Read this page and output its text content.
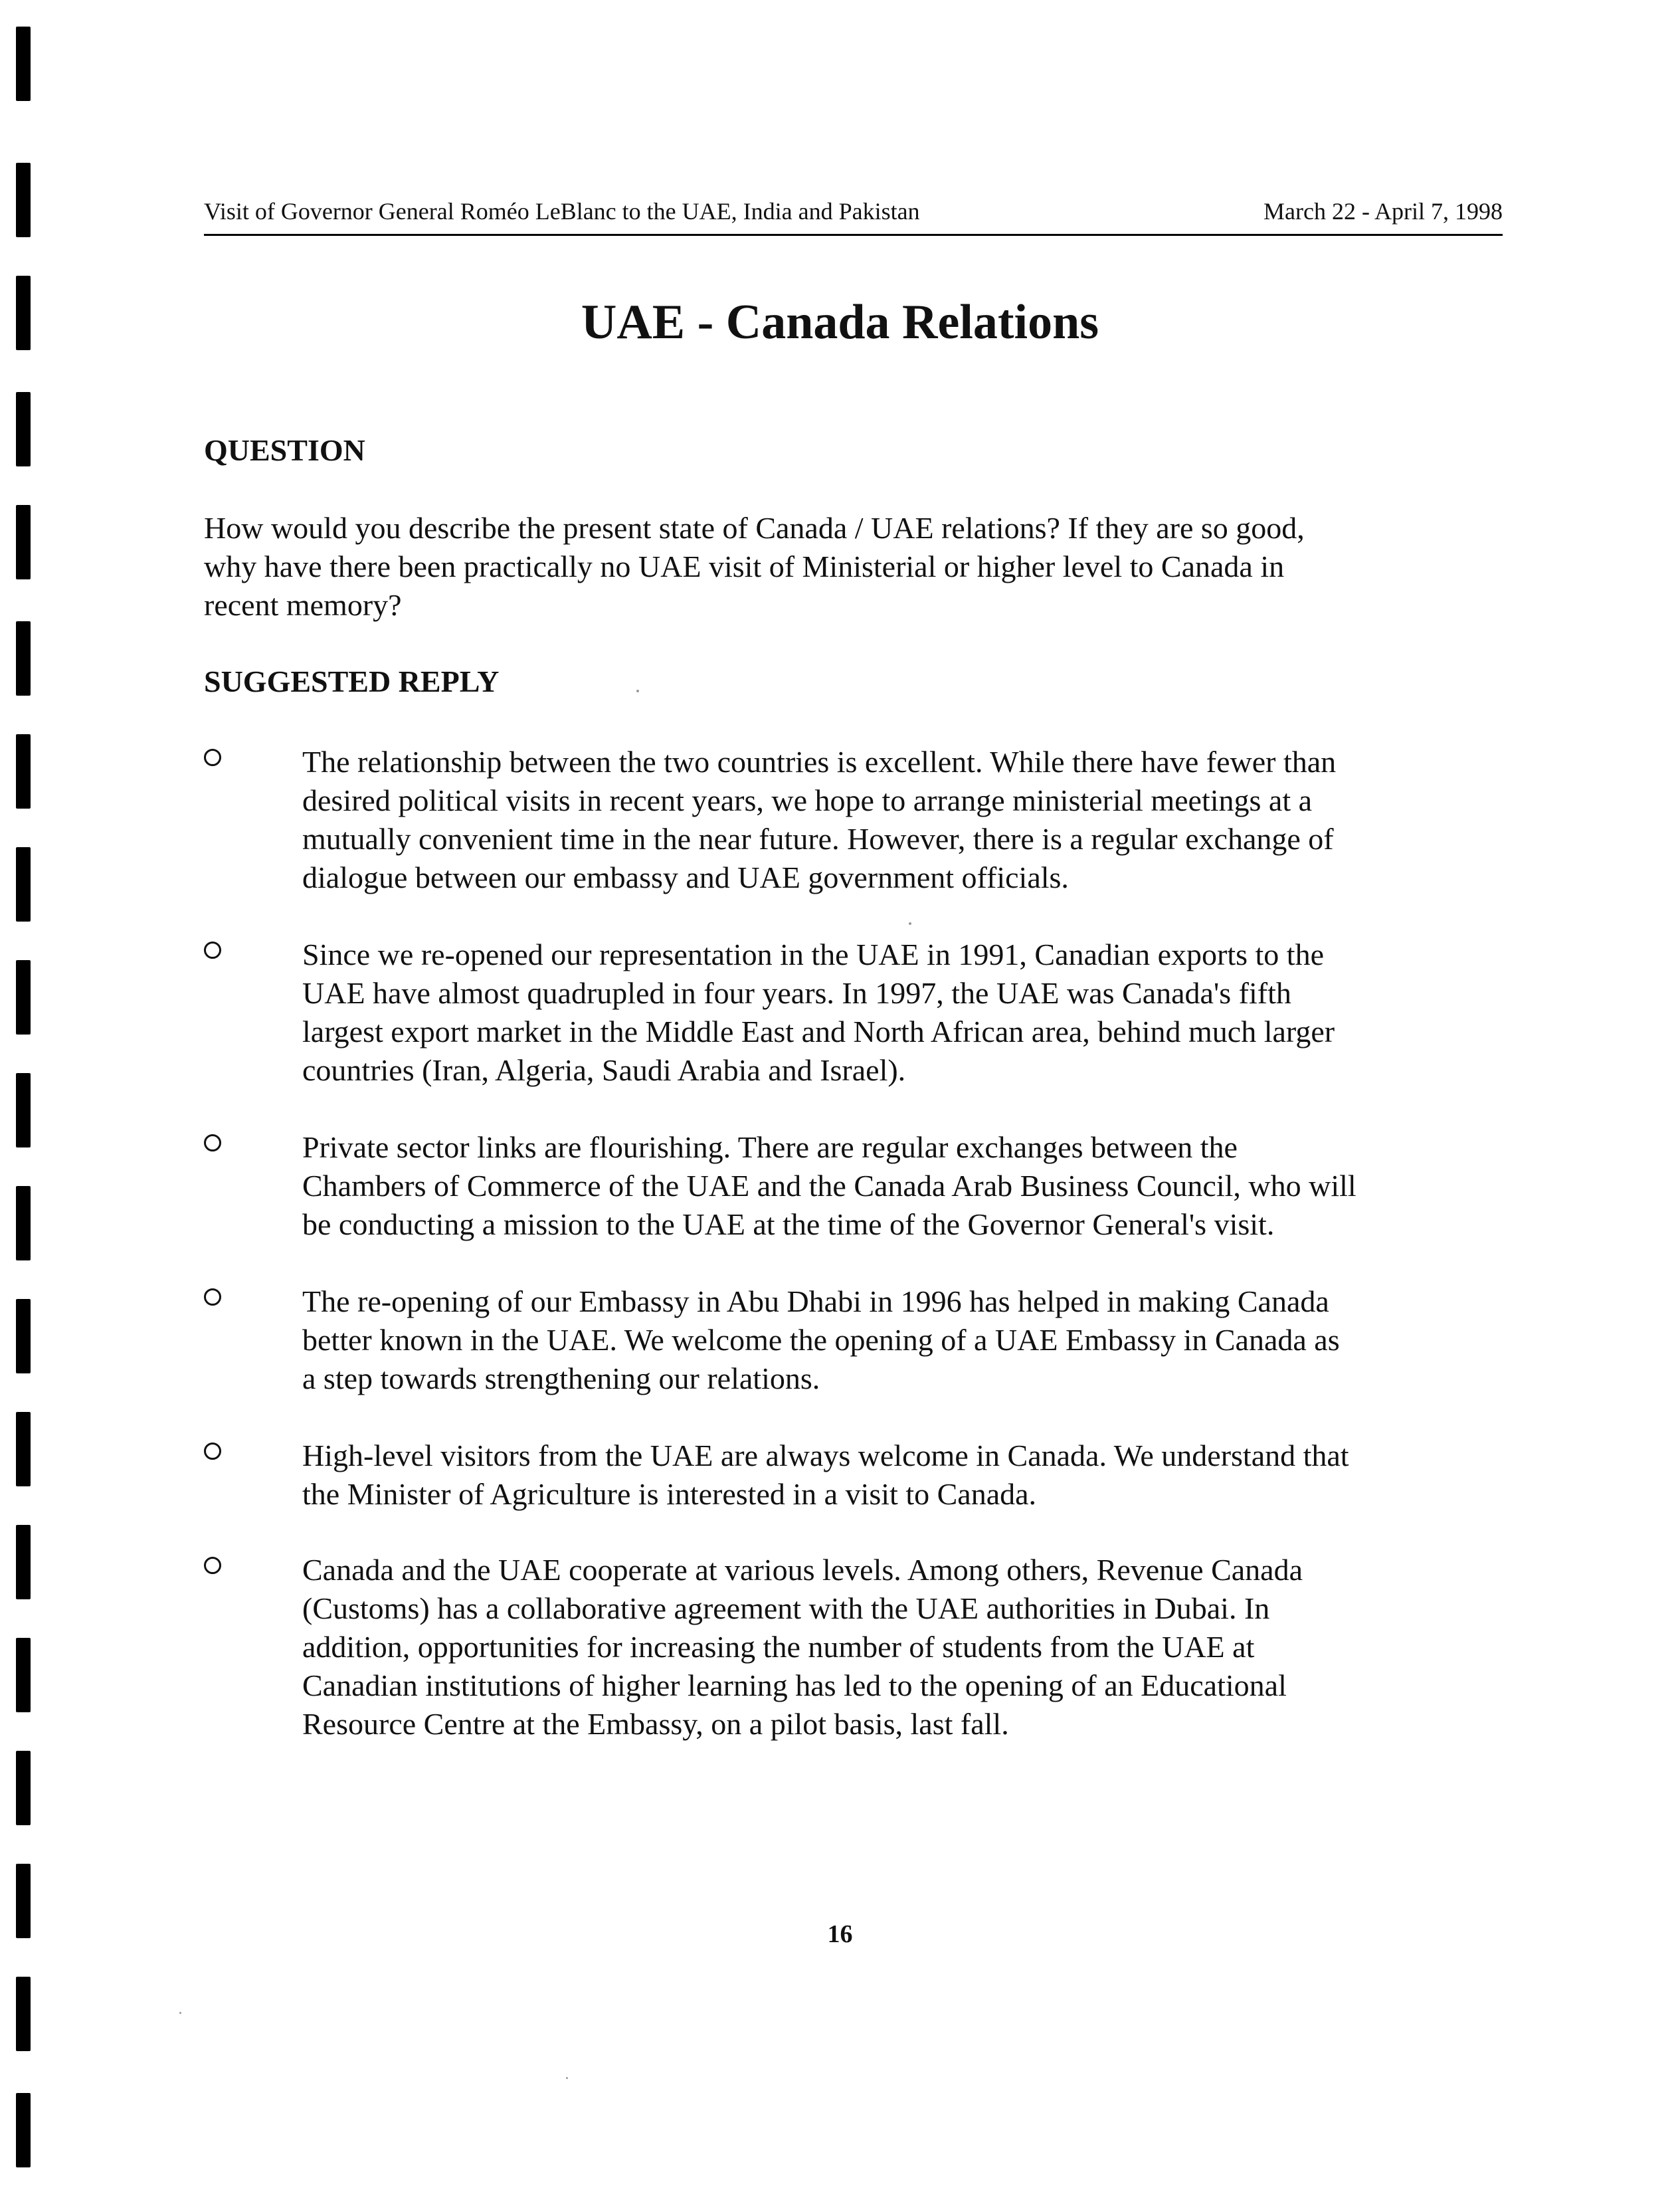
Visit of Governor General Roméo LeBlanc to the UAE, India and Pakistan	March 22 - April 7, 1998
UAE - Canada Relations
QUESTION
How would you describe the present state of Canada / UAE relations? If they are so good,
why have there been practically no UAE visit of Ministerial or higher level to Canada in
recent memory?
SUGGESTED REPLY
The relationship between the two countries is excellent. While there have fewer than
desired political visits in recent years, we hope to arrange ministerial meetings at a
mutually convenient time in the near future. However, there is a regular exchange of
dialogue between our embassy and UAE government officials.
Since we re-opened our representation in the UAE in 1991, Canadian exports to the
UAE have almost quadrupled in four years. In 1997, the UAE was Canada's fifth
largest export market in the Middle East and North African area, behind much larger
countries (Iran, Algeria, Saudi Arabia and Israel).
Private sector links are flourishing. There are regular exchanges between the
Chambers of Commerce of the UAE and the Canada Arab Business Council, who will
be conducting a mission to the UAE at the time of the Governor General's visit.
The re-opening of our Embassy in Abu Dhabi in 1996 has helped in making Canada
better known in the UAE. We welcome the opening of a UAE Embassy in Canada as
a step towards strengthening our relations.
High-level visitors from the UAE are always welcome in Canada. We understand that
the Minister of Agriculture is interested in a visit to Canada.
Canada and the UAE cooperate at various levels. Among others, Revenue Canada
(Customs) has a collaborative agreement with the UAE authorities in Dubai. In
addition, opportunities for increasing the number of students from the UAE at
Canadian institutions of higher learning has led to the opening of an Educational
Resource Centre at the Embassy, on a pilot basis, last fall.
16
